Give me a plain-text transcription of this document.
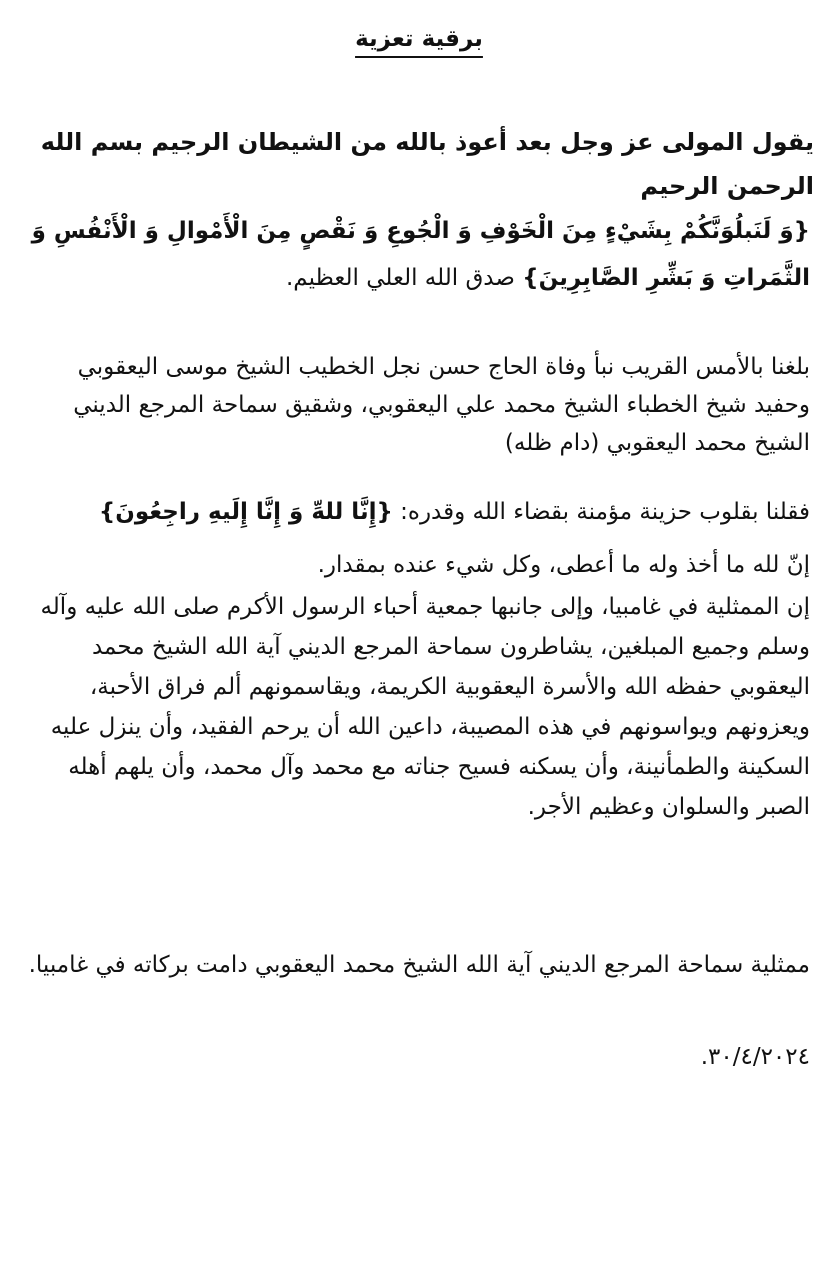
برقية تعزية

يقول المولى عز وجل بعد أعوذ بالله من الشيطان الرجيم بسم الله الرحمن الرحيم

{وَ لَنَبلُوَنَّكُمْ بِشَيْءٍ مِنَ الْخَوْفِ وَ الْجُوعِ وَ نَقْصٍ مِنَ الْأَمْوالِ وَ الْأَنْفُسِ وَ الثَّمَراتِ وَ بَشِّرِ الصَّابِرِينَ} صدق الله العلي العظيم.

بلغنا بالأمس القريب نبأ وفاة الحاج حسن نجل الخطيب الشيخ موسى اليعقوبي وحفيد شيخ الخطباء الشيخ محمد علي اليعقوبي، وشقيق سماحة المرجع الديني الشيخ محمد اليعقوبي (دام ظله)

فقلنا بقلوب حزينة مؤمنة بقضاء الله وقدره: {إِنَّا للهِّ وَ إِنَّا إِلَيهِ راجِعُونَ}

إنّ لله ما أخذ وله ما أعطى، وكل شيء عنده بمقدار.

إن الممثلية في غامبيا، وإلى جانبها جمعية أحباء الرسول الأكرم صلى الله عليه وآله وسلم وجميع المبلغين، يشاطرون سماحة المرجع الديني آية الله الشيخ محمد اليعقوبي حفظه الله والأسرة اليعقوبية الكريمة، ويقاسمونهم ألم فراق الأحبة، ويعزونهم ويواسونهم في هذه المصيبة، داعين الله أن يرحم الفقيد، وأن ينزل عليه السكينة والطمأنينة، وأن يسكنه فسيح جناته مع محمد وآل محمد، وأن يلهم أهله الصبر والسلوان وعظيم الأجر.

ممثلية سماحة المرجع الديني آية الله الشيخ محمد اليعقوبي دامت بركاته في غامبيا.

٣٠/٤/٢٠٢٤.
